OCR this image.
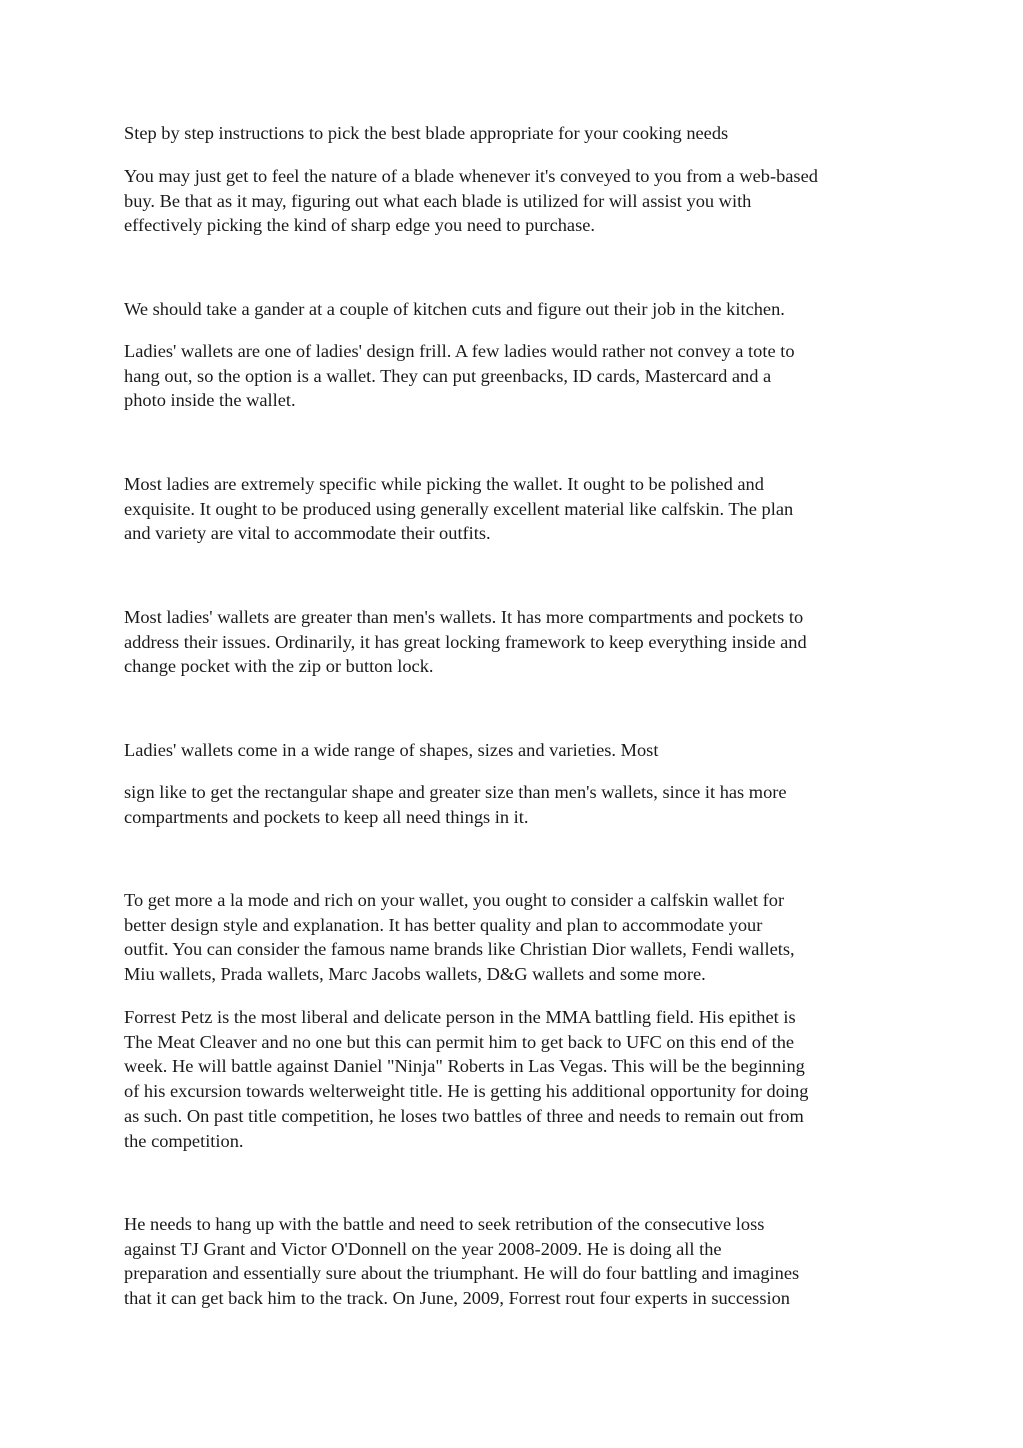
Step by step instructions to pick the best blade appropriate for your cooking needs

You may just get to feel the nature of a blade whenever it's conveyed to you from a web-based
buy. Be that as it may, figuring out what each blade is utilized for will assist you with
effectively picking the kind of sharp edge you need to purchase.

We should take a gander at a couple of kitchen cuts and figure out their job in the kitchen.

Ladies' wallets are one of ladies' design frill. A few ladies would rather not convey a tote to
hang out, so the option is a wallet. They can put greenbacks, ID cards, Mastercard and a
photo inside the wallet.

Most ladies are extremely specific while picking the wallet. It ought to be polished and
exquisite. It ought to be produced using generally excellent material like calfskin. The plan
and variety are vital to accommodate their outfits.

Most ladies' wallets are greater than men's wallets. It has more compartments and pockets to
address their issues. Ordinarily, it has great locking framework to keep everything inside and
change pocket with the zip or button lock.

Ladies' wallets come in a wide range of shapes, sizes and varieties. Most

sign like to get the rectangular shape and greater size than men's wallets, since it has more
compartments and pockets to keep all need things in it.

To get more a la mode and rich on your wallet, you ought to consider a calfskin wallet for
better design style and explanation. It has better quality and plan to accommodate your
outfit. You can consider the famous name brands like Christian Dior wallets, Fendi wallets,
Miu wallets, Prada wallets, Marc Jacobs wallets, D&G wallets and some more.

Forrest Petz is the most liberal and delicate person in the MMA battling field. His epithet is
The Meat Cleaver and no one but this can permit him to get back to UFC on this end of the
week. He will battle against Daniel "Ninja" Roberts in Las Vegas. This will be the beginning
of his excursion towards welterweight title. He is getting his additional opportunity for doing
as such. On past title competition, he loses two battles of three and needs to remain out from
the competition.

He needs to hang up with the battle and need to seek retribution of the consecutive loss
against TJ Grant and Victor O'Donnell on the year 2008-2009. He is doing all the
preparation and essentially sure about the triumphant. He will do four battling and imagines
that it can get back him to the track. On June, 2009, Forrest rout four experts in succession
